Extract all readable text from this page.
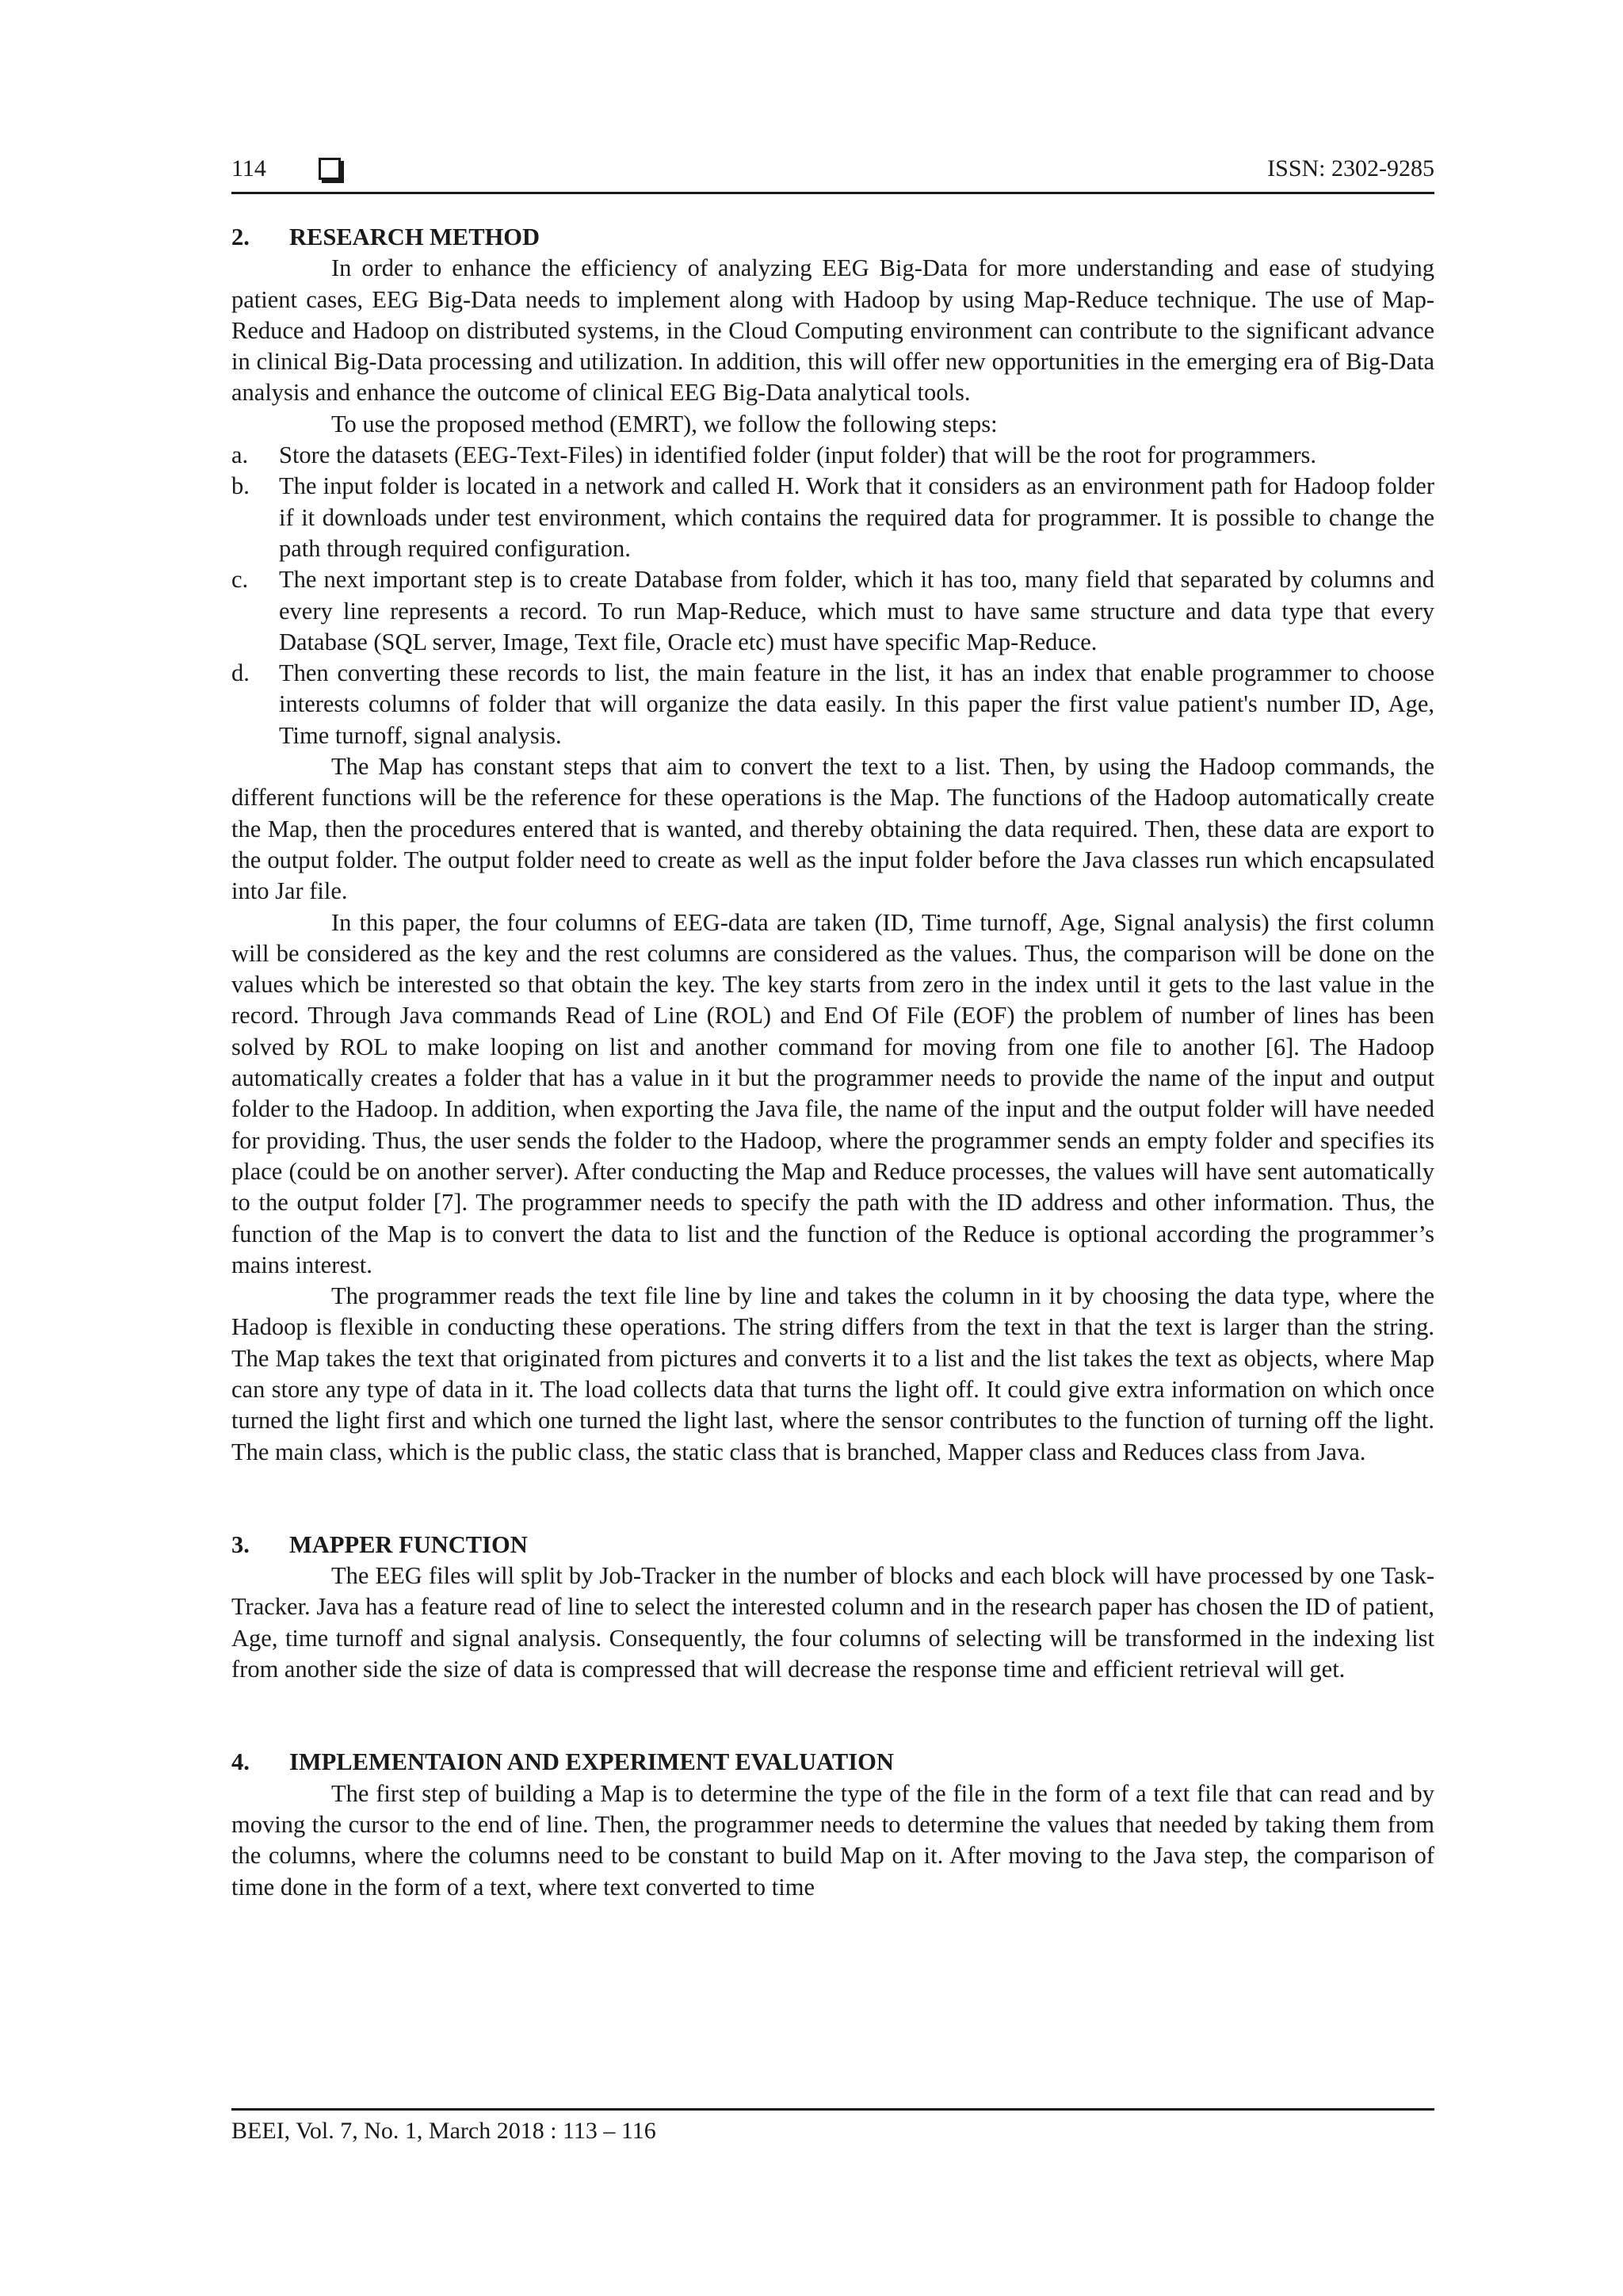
114	ISSN: 2302-9285
2.	RESEARCH METHOD

In order to enhance the efficiency of analyzing EEG Big-Data for more understanding and ease of studying patient cases, EEG Big-Data needs to implement along with Hadoop by using Map-Reduce technique. The use of Map-Reduce and Hadoop on distributed systems, in the Cloud Computing environment can contribute to the significant advance in clinical Big-Data processing and utilization. In addition, this will offer new opportunities in the emerging era of Big-Data analysis and enhance the outcome of clinical EEG Big-Data analytical tools.

To use the proposed method (EMRT), we follow the following steps:

a.	Store the datasets (EEG-Text-Files) in identified folder (input folder) that will be the root for programmers.
b.	The input folder is located in a network and called H. Work that it considers as an environment path for Hadoop folder if it downloads under test environment, which contains the required data for programmer. It is possible to change the path through required configuration.
c.	The next important step is to create Database from folder, which it has too, many field that separated by columns and every line represents a record. To run Map-Reduce, which must to have same structure and data type that every Database (SQL server, Image, Text file, Oracle etc) must have specific Map-Reduce.
d.	Then converting these records to list, the main feature in the list, it has an index that enable programmer to choose interests columns of folder that will organize the data easily. In this paper the first value patient's number ID, Age, Time turnoff, signal analysis.

The Map has constant steps that aim to convert the text to a list. Then, by using the Hadoop commands, the different functions will be the reference for these operations is the Map. The functions of the Hadoop automatically create the Map, then the procedures entered that is wanted, and thereby obtaining the data required. Then, these data are export to the output folder. The output folder need to create as well as the input folder before the Java classes run which encapsulated into Jar file.

In this paper, the four columns of EEG-data are taken (ID, Time turnoff, Age, Signal analysis) the first column will be considered as the key and the rest columns are considered as the values. Thus, the comparison will be done on the values which be interested so that obtain the key. The key starts from zero in the index until it gets to the last value in the record. Through Java commands Read of Line (ROL) and End Of File (EOF) the problem of number of lines has been solved by ROL to make looping on list and another command for moving from one file to another [6]. The Hadoop automatically creates a folder that has a value in it but the programmer needs to provide the name of the input and output folder to the Hadoop. In addition, when exporting the Java file, the name of the input and the output folder will have needed for providing. Thus, the user sends the folder to the Hadoop, where the programmer sends an empty folder and specifies its place (could be on another server). After conducting the Map and Reduce processes, the values will have sent automatically to the output folder [7]. The programmer needs to specify the path with the ID address and other information. Thus, the function of the Map is to convert the data to list and the function of the Reduce is optional according the programmer’s mains interest.

The programmer reads the text file line by line and takes the column in it by choosing the data type, where the Hadoop is flexible in conducting these operations. The string differs from the text in that the text is larger than the string. The Map takes the text that originated from pictures and converts it to a list and the list takes the text as objects, where Map can store any type of data in it. The load collects data that turns the light off. It could give extra information on which once turned the light first and which one turned the light last, where the sensor contributes to the function of turning off the light. The main class, which is the public class, the static class that is branched, Mapper class and Reduces class from Java.

3.	MAPPER FUNCTION

The EEG files will split by Job-Tracker in the number of blocks and each block will have processed by one Task-Tracker. Java has a feature read of line to select the interested column and in the research paper has chosen the ID of patient, Age, time turnoff and signal analysis. Consequently, the four columns of selecting will be transformed in the indexing list from another side the size of data is compressed that will decrease the response time and efficient retrieval will get.

4.	IMPLEMENTAION AND EXPERIMENT EVALUATION

The first step of building a Map is to determine the type of the file in the form of a text file that can read and by moving the cursor to the end of line. Then, the programmer needs to determine the values that needed by taking them from the columns, where the columns need to be constant to build Map on it. After moving to the Java step, the comparison of time done in the form of a text, where text converted to time

BEEI, Vol. 7, No. 1, March 2018 : 113 – 116
